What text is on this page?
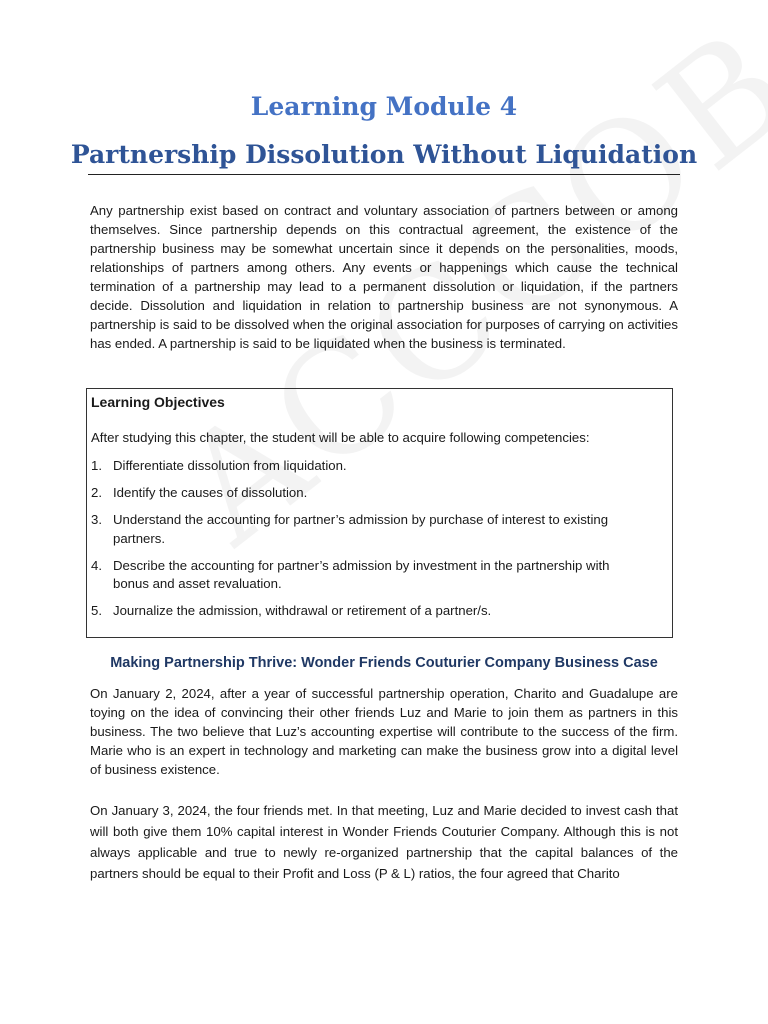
Learning Module 4
Partnership Dissolution Without Liquidation

Any partnership exist based on contract and voluntary association of partners between or among themselves. Since partnership depends on this contractual agreement, the existence of the partnership business may be somewhat uncertain since it depends on the personalities, moods, relationships of partners among others. Any events or happenings which cause the technical termination of a partnership may lead to a permanent dissolution or liquidation, if the partners decide. Dissolution and liquidation in relation to partnership business are not synonymous. A partnership is said to be dissolved when the original association for purposes of carrying on activities has ended. A partnership is said to be liquidated when the business is terminated.

Learning Objectives
After studying this chapter, the student will be able to acquire following competencies:
1. Differentiate dissolution from liquidation.
2. Identify the causes of dissolution.
3. Understand the accounting for partner’s admission by purchase of interest to existing partners.
4. Describe the accounting for partner’s admission by investment in the partnership with bonus and asset revaluation.
5. Journalize the admission, withdrawal or retirement of a partner/s.
Making Partnership Thrive: Wonder Friends Couturier Company Business Case

On January 2, 2024, after a year of successful partnership operation, Charito and Guadalupe are toying on the idea of convincing their other friends Luz and Marie to join them as partners in this business. The two believe that Luz’s accounting expertise will contribute to the success of the firm. Marie who is an expert in technology and marketing can make the business grow into a digital level of business existence.

On January 3, 2024, the four friends met. In that meeting, Luz and Marie decided to invest cash that will both give them 10% capital interest in Wonder Friends Couturier Company. Although this is not always applicable and true to newly re-organized partnership that the capital balances of the partners should be equal to their Profit and Loss (P & L) ratios, the four agreed that Charito
